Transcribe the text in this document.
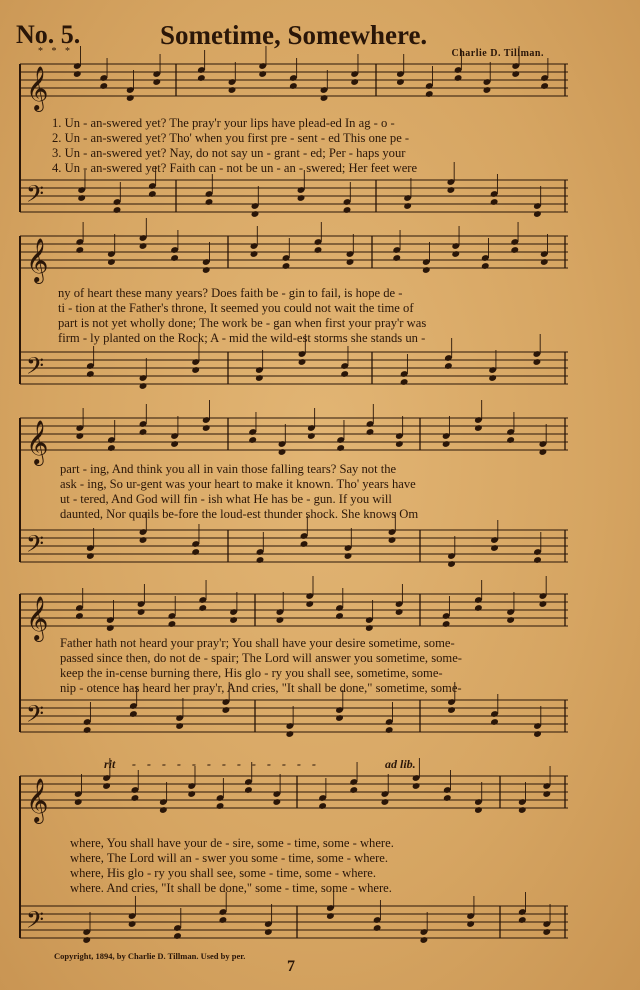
No. 5.
* * *
Sometime, Somewhere.
Charlie D. Tillman.
𝄞
𝄢
𝄞
𝄢
𝄞
𝄢
𝄞
𝄢
𝄞
𝄢
1. Un - an-swered yet? The pray'r your lips have plead-ed In ag - o -
2. Un - an-swered yet? Tho' when you first pre - sent - ed This one pe -
3. Un - an-swered yet? Nay, do not say un - grant - ed; Per - haps your
4. Un - an-swered yet? Faith can - not be un - an - swered; Her feet were
ny of heart these many years? Does faith be - gin to fail, is hope de -
ti - tion at the Father's throne, It seemed you could not wait the time of
part is not yet wholly done; The work be - gan when first your pray'r was
firm - ly planted on the Rock; A - mid the wild-est storms she stands un -
part - ing, And think you all in vain those falling tears? Say not the
ask - ing, So ur-gent was your heart to make it known. Tho' years have
ut - tered, And God will fin - ish what He has be - gun. If you will
daunted, Nor quails be-fore the loud-est thunder shock. She knows Om
Father hath not heard your pray'r; You shall have your desire sometime, some-
passed since then, do not de - spair; The Lord will answer you sometime, some-
keep the in-cense burning there, His glo - ry you shall see, sometime, some-
nip - otence has heard her pray'r, And cries, "It shall be done," sometime, some-
rit - - - - - - - - - - - - -	ad lib.
where, You shall have your de - sire, some - time, some - where.
where, The Lord will an - swer you some - time, some - where.
where, His glo - ry you shall see, some - time, some - where.
where. And cries, "It shall be done," some - time, some - where.
Copyright, 1894, by Charlie D. Tillman. Used by per.
7
